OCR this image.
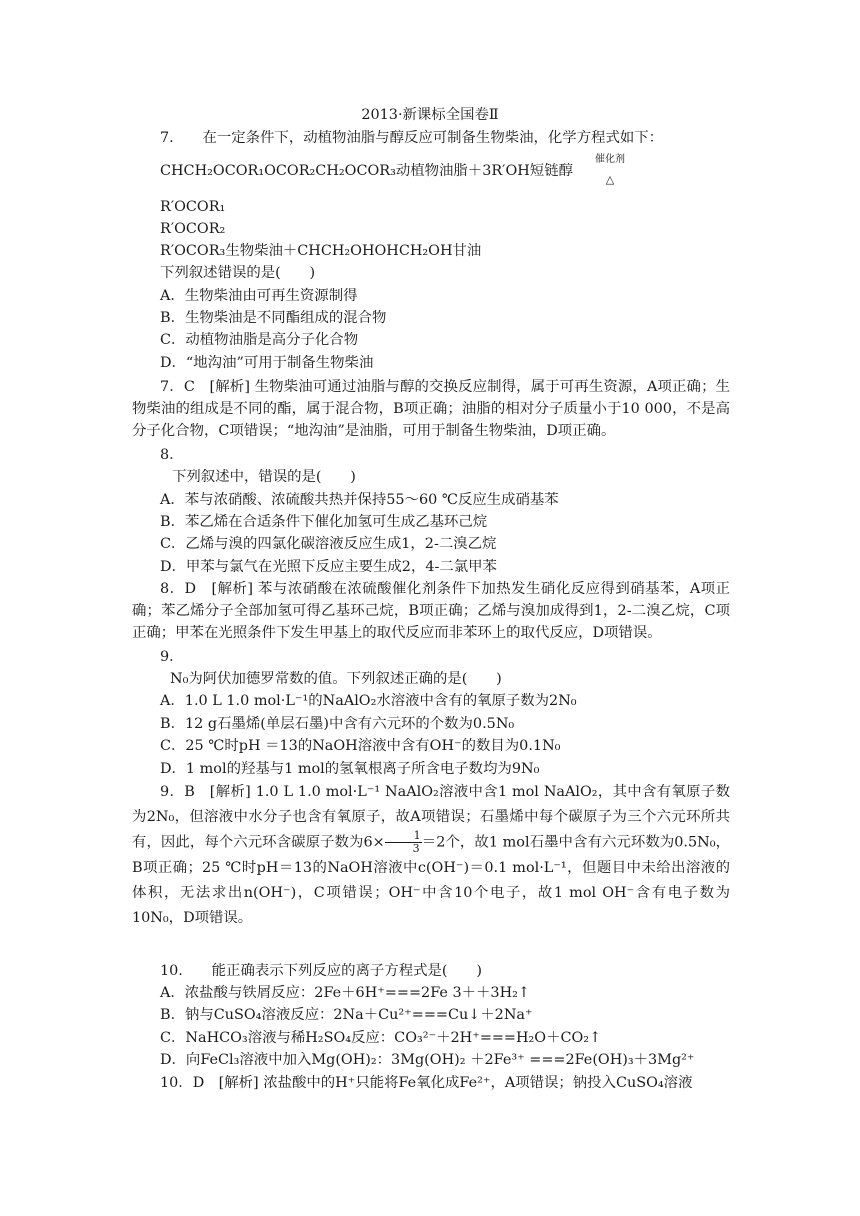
2013·新课标全国卷Ⅱ
7.　　在一定条件下，动植物油脂与醇反应可制备生物柴油，化学方程式如下：
CHCH₂OCOR₁OCOR₂CH₂OCOR₃动植物油脂＋3R′OH短链醇
催化剂
△
R′OCOR₁
R′OCOR₂
R′OCOR₃生物柴油＋CHCH₂OHOHCH₂OH甘油
下列叙述错误的是(　　)
A．生物柴油由可再生资源制得
B．生物柴油是不同酯组成的混合物
C．动植物油脂是高分子化合物
D．“地沟油”可用于制备生物柴油
7．C　[解析] 生物柴油可通过油脂与醇的交换反应制得，属于可再生资源，A项正确；生物柴油的组成是不同的酯，属于混合物，B项正确；油脂的相对分子质量小于10 000，不是高分子化合物，C项错误；“地沟油”是油脂，可用于制备生物柴油，D项正确。
8．
下列叙述中，错误的是(　　)
A．苯与浓硝酸、浓硫酸共热并保持55～60 ℃反应生成硝基苯
B．苯乙烯在合适条件下催化加氢可生成乙基环己烷
C．乙烯与溴的四氯化碳溶液反应生成1，2-二溴乙烷
D．甲苯与氯气在光照下反应主要生成2，4-二氯甲苯
8．D　[解析] 苯与浓硝酸在浓硫酸催化剂条件下加热发生硝化反应得到硝基苯，A项正确；苯乙烯分子全部加氢可得乙基环己烷，B项正确；乙烯与溴加成得到1，2-二溴乙烷，C项正确；甲苯在光照条件下发生甲基上的取代反应而非苯环上的取代反应，D项错误。
9．
N₀为阿伏加德罗常数的值。下列叙述正确的是(　　)
A．1.0 L 1.0 mol·L⁻¹的NaAlO₂水溶液中含有的氧原子数为2N₀
B．12 g石墨烯(单层石墨)中含有六元环的个数为0.5N₀
C．25 ℃时pH ＝13的NaOH溶液中含有OH⁻的数目为0.1N₀
D．1 mol的羟基与1 mol的氢氧根离子所含电子数均为9N₀
9．B　[解析] 1.0 L 1.0 mol·L⁻¹ NaAlO₂溶液中含1 mol NaAlO₂，其中含有氧原子数为2N₀，但溶液中水分子也含有氧原子，故A项错误；石墨烯中每个碳原子为三个六元环所共有，因此，每个六元环含碳原子数为$6\times \frac{1}{3} =2$个，故1 mol石墨中含有六元环数为0.5N₀，B项正确；25 ℃时pH＝13的NaOH溶液中c(OH⁻)＝0.1 mol·L⁻¹，但题目中未给出溶液的体积，无法求出n(OH⁻)，C项错误；OH⁻中含10个电子，故1 mol OH⁻含有电子数为10N₀，D项错误。
10.　　能正确表示下列反应的离子方程式是(　　)
A．浓盐酸与铁屑反应：2Fe＋6H⁺===2Fe 3＋＋3H₂↑
B．钠与CuSO₄溶液反应：2Na＋Cu²⁺===Cu↓＋2Na⁺
C．NaHCO₃溶液与稀H₂SO₄反应：CO₃²⁻＋2H⁺===H₂O＋CO₂↑
D．向FeCl₃溶液中加入Mg(OH)₂：3Mg(OH)₂ ＋2Fe³⁺ ===2Fe(OH)₃＋3Mg²⁺
10．D　[解析] 浓盐酸中的H⁺只能将Fe氧化成Fe²⁺，A项错误；钠投入CuSO₄溶液
